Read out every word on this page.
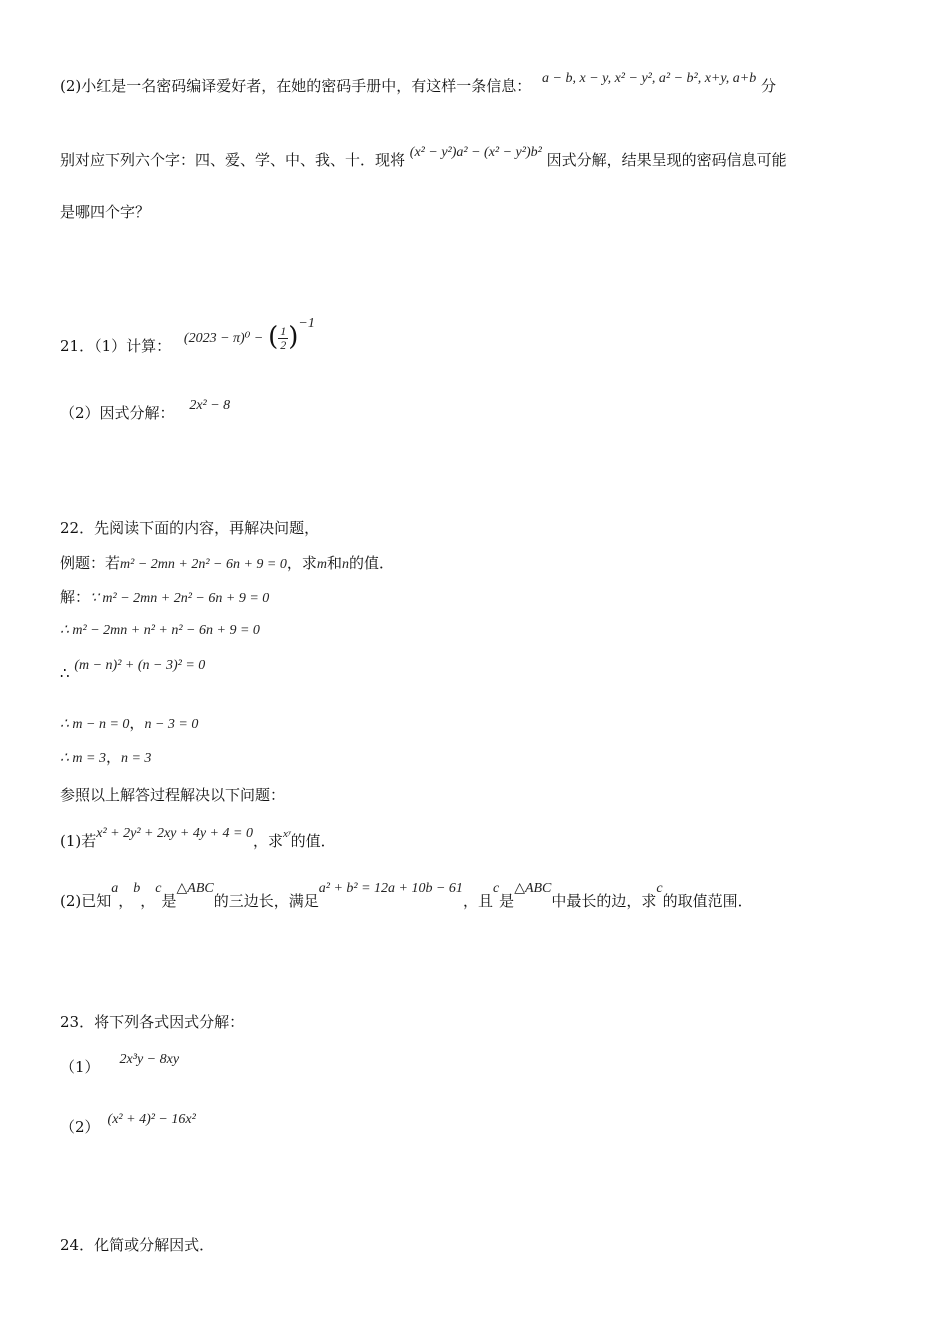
(2)小红是一名密码编译爱好者，在她的密码手册中，有这样一条信息： a − b, x − y, x² − y², a² − b², x+y, a+b 分
别对应下列六个字：四、爱、学、中、我、十．现将 (x² − y²)a² − (x² − y²)b² 因式分解，结果呈现的密码信息可能
是哪四个字？
21．（1）计算： (2023 − π)⁰ − ( $\frac{1}{2} )^{-1}$
（2）因式分解： 2x² − 8
22．先阅读下面的内容，再解决问题，
例题：若m² − 2mn + 2n² − 6n + 9 = 0，求m和n的值．
解：∵ m² − 2mn + 2n² − 6n + 9 = 0
∴ m² − 2mn + n² + n² − 6n + 9 = 0
∴ (m − n)² + (n − 3)² = 0
∴ m − n = 0，n − 3 = 0
∴ m = 3，n = 3
参照以上解答过程解决以下问题：
(1)若x² + 2y² + 2xy + 4y + 4 = 0，求$^{xʸ}$的值．
(2)已知a，b，c是△ABC的三边长，满足a² + b² = 12a + 10b − 61，且c是△ABC中最长的边，求c的取值范围．
23．将下列各式因式分解：
（1） 2x³y − 8xy
（2） (x² + 4)² − 16x²
24．化简或分解因式．
